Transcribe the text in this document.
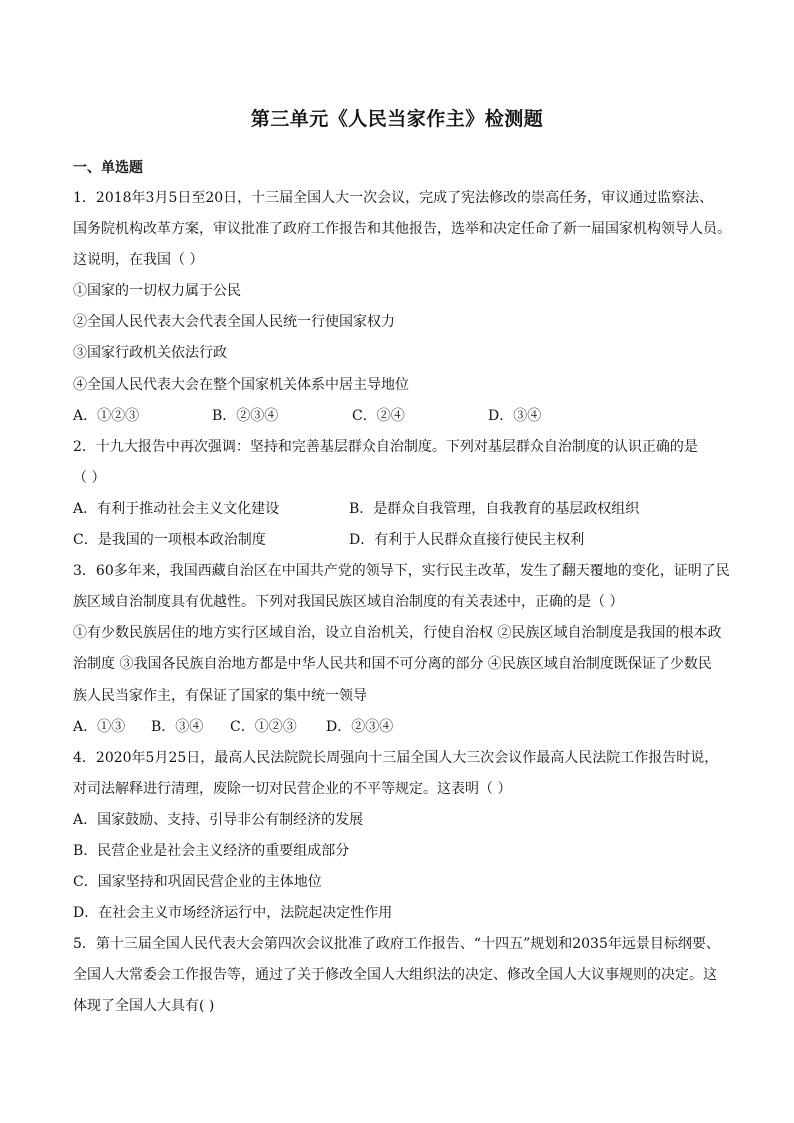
第三单元《人民当家作主》检测题
一、单选题
1．2018年3月5日至20日，十三届全国人大一次会议，完成了宪法修改的崇高任务，审议通过监察法、
国务院机构改革方案，审议批准了政府工作报告和其他报告，选举和决定任命了新一届国家机构领导人员。
这说明，在我国（ ）
①国家的一切权力属于公民
②全国人民代表大会代表全国人民统一行使国家权力
③国家行政机关依法行政
④全国人民代表大会在整个国家机关体系中居主导地位
A．①②③	B．②③④	C．②④	D．③④
2．十九大报告中再次强调：坚持和完善基层群众自治制度。下列对基层群众自治制度的认识正确的是
（ ）
A．有利于推动社会主义文化建设	B．是群众自我管理，自我教育的基层政权组织
C．是我国的一项根本政治制度	D．有利于人民群众直接行使民主权利
3．60多年来，我国西藏自治区在中国共产党的领导下，实行民主改革，发生了翻天覆地的变化，证明了民
族区域自治制度具有优越性。下列对我国民族区域自治制度的有关表述中，正确的是（ ）
①有少数民族居住的地方实行区域自治，设立自治机关，行使自治权 ②民族区域自治制度是我国的根本政
治制度 ③我国各民族自治地方都是中华人民共和国不可分离的部分 ④民族区域自治制度既保证了少数民
族人民当家作主，有保证了国家的集中统一领导
A．①③ B．③④ C．①②③ D．②③④
4．2020年5月25日，最高人民法院院长周强向十三届全国人大三次会议作最高人民法院工作报告时说，
对司法解释进行清理，废除一切对民营企业的不平等规定。这表明（ ）
A．国家鼓励、支持、引导非公有制经济的发展
B．民营企业是社会主义经济的重要组成部分
C．国家坚持和巩固民营企业的主体地位
D．在社会主义市场经济运行中，法院起决定性作用
5．第十三届全国人民代表大会第四次会议批准了政府工作报告、“十四五”规划和2035年远景目标纲要、
全国人大常委会工作报告等，通过了关于修改全国人大组织法的决定、修改全国人大议事规则的决定。这
体现了全国人大具有( )
